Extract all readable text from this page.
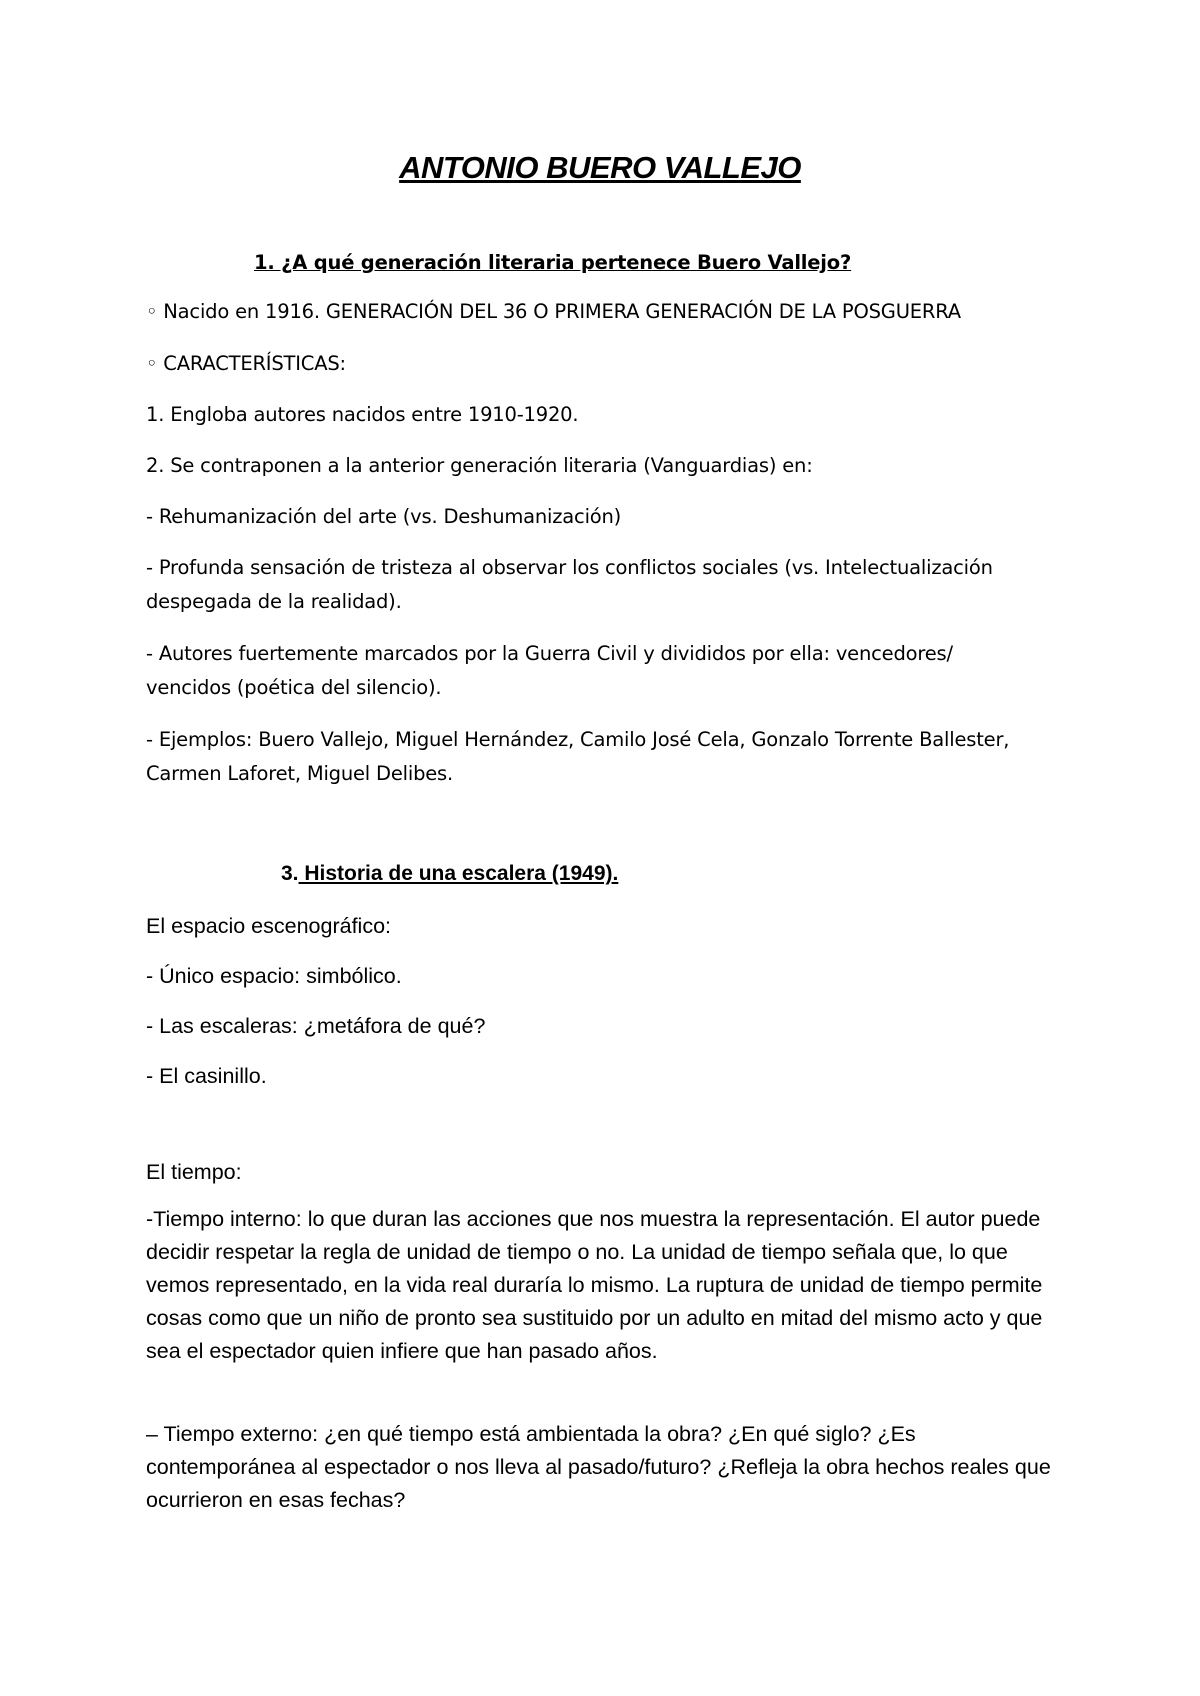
ANTONIO BUERO VALLEJO
1. ¿A qué generación literaria pertenece Buero Vallejo?
◦ Nacido en 1916. GENERACIÓN DEL 36 O PRIMERA GENERACIÓN DE LA POSGUERRA
◦ CARACTERÍSTICAS:
1. Engloba autores nacidos entre 1910-1920.
2. Se contraponen a la anterior generación literaria (Vanguardias) en:
- Rehumanización del arte (vs. Deshumanización)
- Profunda sensación de tristeza al observar los conflictos sociales (vs. Intelectualización despegada de la realidad).
- Autores fuertemente marcados por la Guerra Civil y divididos por ella: vencedores/ vencidos (poética del silencio).
- Ejemplos: Buero Vallejo, Miguel Hernández, Camilo José Cela, Gonzalo Torrente Ballester, Carmen Laforet, Miguel Delibes.
3. Historia de una escalera (1949).
El espacio escenográfico:
- Único espacio: simbólico.
- Las escaleras: ¿metáfora de qué?
- El casinillo.
El tiempo:
-Tiempo interno: lo que duran las acciones que nos muestra la representación. El autor puede decidir respetar la regla de unidad de tiempo o no. La unidad de tiempo señala que, lo que vemos representado, en la vida real duraría lo mismo. La ruptura de unidad de tiempo permite cosas como que un niño de pronto sea sustituido por un adulto en mitad del mismo acto y que sea el espectador quien infiere que han pasado años.
– Tiempo externo: ¿en qué tiempo está ambientada la obra? ¿En qué siglo? ¿Es contemporánea al espectador o nos lleva al pasado/futuro? ¿Refleja la obra hechos reales que ocurrieron en esas fechas?
